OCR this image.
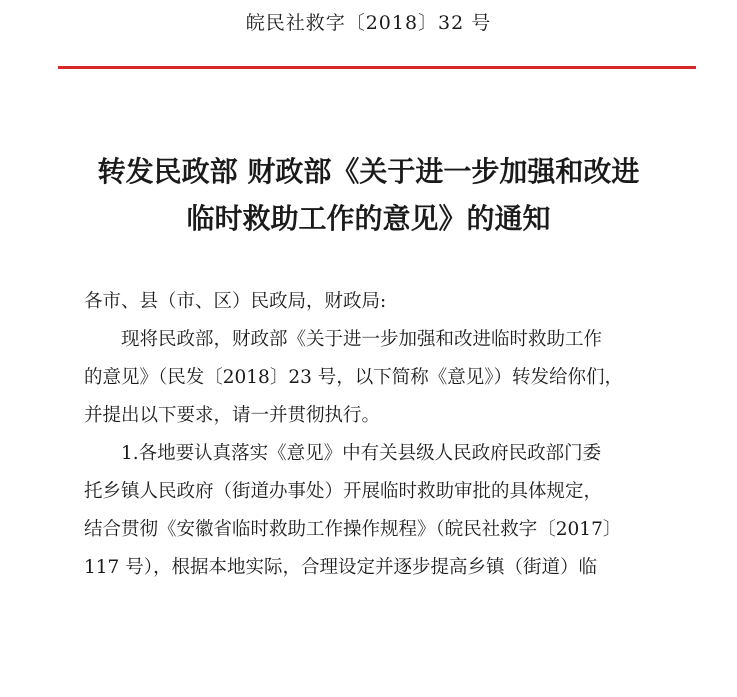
皖民社救字〔2018〕32 号
转发民政部 财政部《关于进一步加强和改进
临时救助工作的意见》的通知
各市、县（市、区）民政局，财政局:
现将民政部，财政部《关于进一步加强和改进临时救助工作
的意见》（民发〔2018〕23 号，以下简称《意见》）转发给你们，
并提出以下要求，请一并贯彻执行。
1.各地要认真落实《意见》中有关县级人民政府民政部门委
托乡镇人民政府（街道办事处）开展临时救助审批的具体规定，
结合贯彻《安徽省临时救助工作操作规程》（皖民社救字〔2017〕
117 号），根据本地实际，合理设定并逐步提高乡镇（街道）临
